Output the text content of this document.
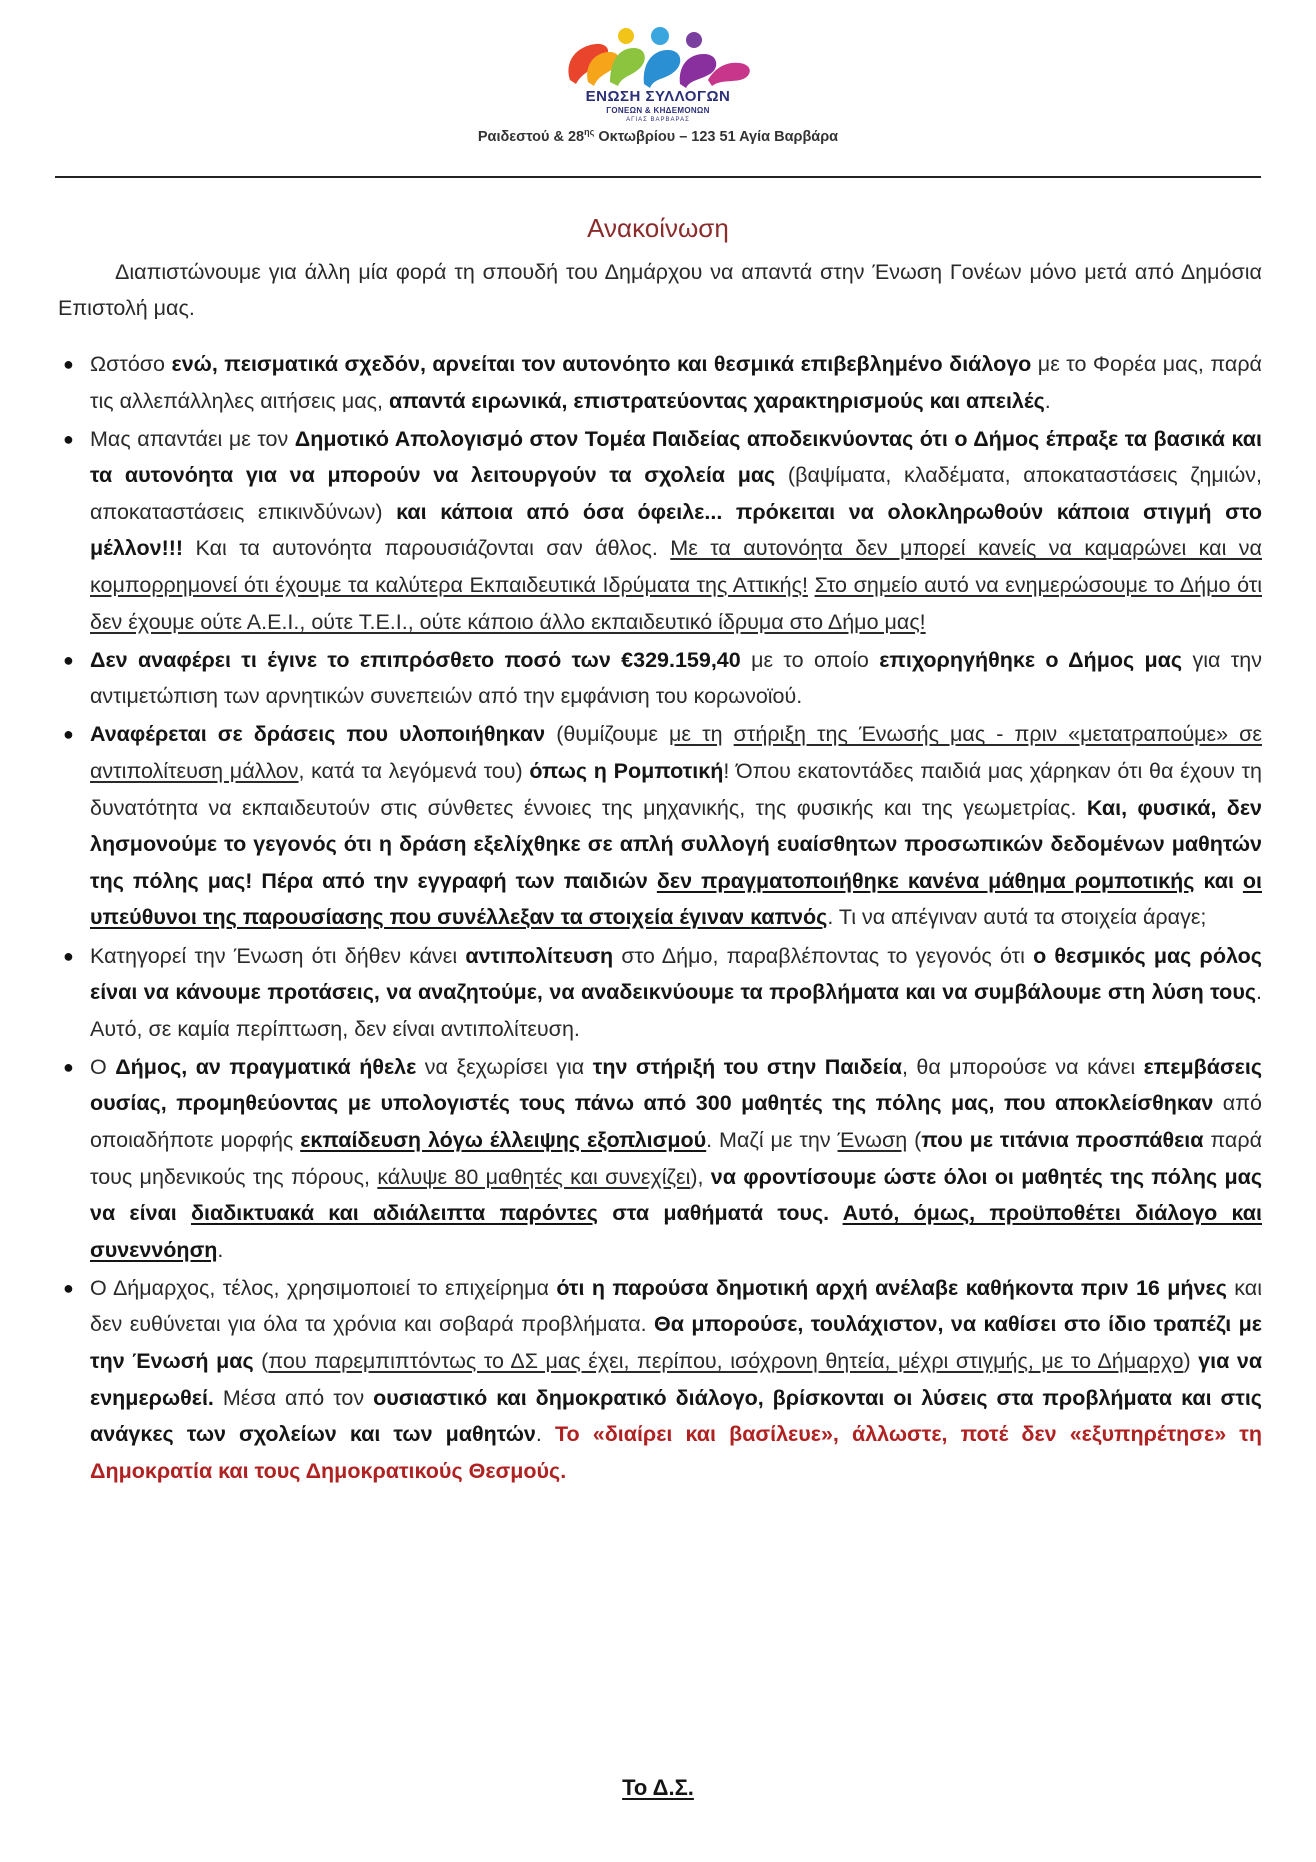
ΕΝΩΣΗ ΣΥΛΛΟΓΩΝ
ΓΟΝΕΩΝ & ΚΗΔΕΜΟΝΩΝ
ΑΓΙΑΣ ΒΑΡΒΑΡΑΣ
Ραιδεστού & $28^{\eta\varsigma}$ Οκτωβρίου – 123 51 Αγία Βαρβάρα
Ανακοίνωση

Διαπιστώνουμε για άλλη μία φορά τη σπουδή του Δημάρχου να απαντά στην Ένωση Γονέων μόνο μετά από Δημόσια Επιστολή μας.

● Ωστόσο ενώ, πεισματικά σχεδόν, αρνείται τον αυτονόητο και θεσμικά επιβεβλημένο διάλογο με το Φορέα μας, παρά τις αλλεπάλληλες αιτήσεις μας, απαντά ειρωνικά, επιστρατεύοντας χαρακτηρισμούς και απειλές.
● Μας απαντάει με τον Δημοτικό Απολογισμό στον Τομέα Παιδείας αποδεικνύοντας ότι ο Δήμος έπραξε τα βασικά και τα αυτονόητα για να μπορούν να λειτουργούν τα σχολεία μας (βαψίματα, κλαδέματα, αποκαταστάσεις ζημιών, αποκαταστάσεις επικινδύνων) και κάποια από όσα όφειλε... πρόκειται να ολοκληρωθούν κάποια στιγμή στο μέλλον!!! Και τα αυτονόητα παρουσιάζονται σαν άθλος. Με τα αυτονόητα δεν μπορεί κανείς να καμαρώνει και να κομπορρημονεί ότι έχουμε τα καλύτερα Εκπαιδευτικά Ιδρύματα της Αττικής! Στο σημείο αυτό να ενημερώσουμε το Δήμο ότι δεν έχουμε ούτε Α.Ε.Ι., ούτε Τ.Ε.Ι., ούτε κάποιο άλλο εκπαιδευτικό ίδρυμα στο Δήμο μας!
● Δεν αναφέρει τι έγινε το επιπρόσθετο ποσό των €329.159,40 με το οποίο επιχορηγήθηκε ο Δήμος μας για την αντιμετώπιση των αρνητικών συνεπειών από την εμφάνιση του κορωνοϊού.
● Αναφέρεται σε δράσεις που υλοποιήθηκαν (θυμίζουμε με τη στήριξη της Ένωσής μας - πριν «μετατραπούμε» σε αντιπολίτευση μάλλον, κατά τα λεγόμενά του) όπως η Ρομποτική! Όπου εκατοντάδες παιδιά μας χάρηκαν ότι θα έχουν τη δυνατότητα να εκπαιδευτούν στις σύνθετες έννοιες της μηχανικής, της φυσικής και της γεωμετρίας. Και, φυσικά, δεν λησμονούμε το γεγονός ότι η δράση εξελίχθηκε σε απλή συλλογή ευαίσθητων προσωπικών δεδομένων μαθητών της πόλης μας! Πέρα από την εγγραφή των παιδιών δεν πραγματοποιήθηκε κανένα μάθημα ρομποτικής και οι υπεύθυνοι της παρουσίασης που συνέλλεξαν τα στοιχεία έγιναν καπνός. Τι να απέγιναν αυτά τα στοιχεία άραγε;
● Κατηγορεί την Ένωση ότι δήθεν κάνει αντιπολίτευση στο Δήμο, παραβλέποντας το γεγονός ότι ο θεσμικός μας ρόλος είναι να κάνουμε προτάσεις, να αναζητούμε, να αναδεικνύουμε τα προβλήματα και να συμβάλουμε στη λύση τους. Αυτό, σε καμία περίπτωση, δεν είναι αντιπολίτευση.
● Ο Δήμος, αν πραγματικά ήθελε να ξεχωρίσει για την στήριξή του στην Παιδεία, θα μπορούσε να κάνει επεμβάσεις ουσίας, προμηθεύοντας με υπολογιστές τους πάνω από 300 μαθητές της πόλης μας, που αποκλείσθηκαν από οποιαδήποτε μορφής εκπαίδευση λόγω έλλειψης εξοπλισμού. Μαζί με την Ένωση (που με τιτάνια προσπάθεια παρά τους μηδενικούς της πόρους, κάλυψε 80 μαθητές και συνεχίζει), να φροντίσουμε ώστε όλοι οι μαθητές της πόλης μας να είναι διαδικτυακά και αδιάλειπτα παρόντες στα μαθήματά τους. Αυτό, όμως, προϋποθέτει διάλογο και συνεννόηση.
● Ο Δήμαρχος, τέλος, χρησιμοποιεί το επιχείρημα ότι η παρούσα δημοτική αρχή ανέλαβε καθήκοντα πριν 16 μήνες και δεν ευθύνεται για όλα τα χρόνια και σοβαρά προβλήματα. Θα μπορούσε, τουλάχιστον, να καθίσει στο ίδιο τραπέζι με την Ένωσή μας (που παρεμπιπτόντως το ΔΣ μας έχει, περίπου, ισόχρονη θητεία, μέχρι στιγμής, με το Δήμαρχο) για να ενημερωθεί. Μέσα από τον ουσιαστικό και δημοκρατικό διάλογο, βρίσκονται οι λύσεις στα προβλήματα και στις ανάγκες των σχολείων και των μαθητών. Το «διαίρει και βασίλευε», άλλωστε, ποτέ δεν «εξυπηρέτησε» τη Δημοκρατία και τους Δημοκρατικούς Θεσμούς.
Το Δ.Σ.
